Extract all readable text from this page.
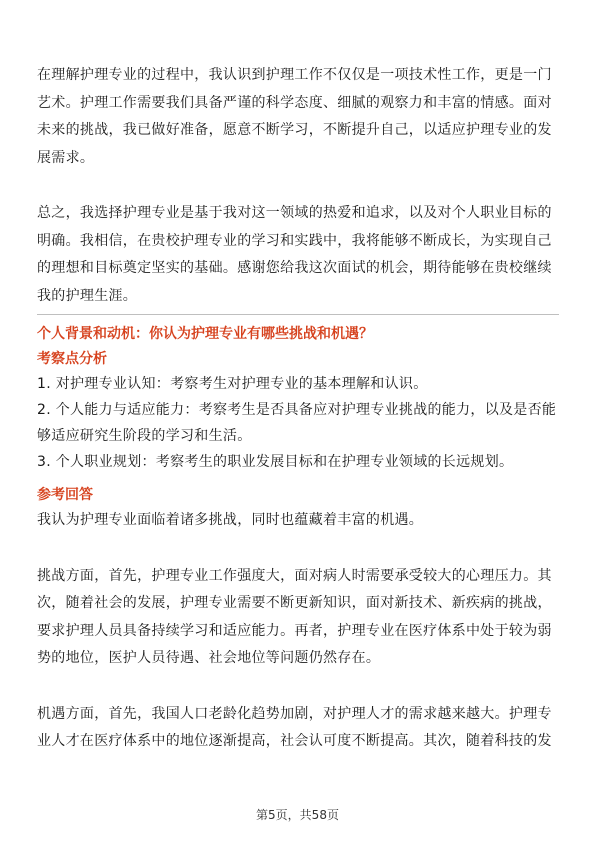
在理解护理专业的过程中，我认识到护理工作不仅仅是一项技术性工作，更是一门
艺术。护理工作需要我们具备严谨的科学态度、细腻的观察力和丰富的情感。面对
未来的挑战，我已做好准备，愿意不断学习，不断提升自己，以适应护理专业的发
展需求。

总之，我选择护理专业是基于我对这一领域的热爱和追求，以及对个人职业目标的
明确。我相信，在贵校护理专业的学习和实践中，我将能够不断成长，为实现自己
的理想和目标奠定坚实的基础。感谢您给我这次面试的机会，期待能够在贵校继续
我的护理生涯。

个人背景和动机：你认为护理专业有哪些挑战和机遇？

考察点分析

1. 对护理专业认知：考察考生对护理专业的基本理解和认识。

2. 个人能力与适应能力：考察考生是否具备应对护理专业挑战的能力，以及是否能
够适应研究生阶段的学习和生活。

3. 个人职业规划：考察考生的职业发展目标和在护理专业领域的长远规划。

参考回答

我认为护理专业面临着诸多挑战，同时也蕴藏着丰富的机遇。

挑战方面，首先，护理专业工作强度大，面对病人时需要承受较大的心理压力。其
次，随着社会的发展，护理专业需要不断更新知识，面对新技术、新疾病的挑战，
要求护理人员具备持续学习和适应能力。再者，护理专业在医疗体系中处于较为弱
势的地位，医护人员待遇、社会地位等问题仍然存在。

机遇方面，首先，我国人口老龄化趋势加剧，对护理人才的需求越来越大。护理专
业人才在医疗体系中的地位逐渐提高，社会认可度不断提高。其次，随着科技的发

第5页，共58页
